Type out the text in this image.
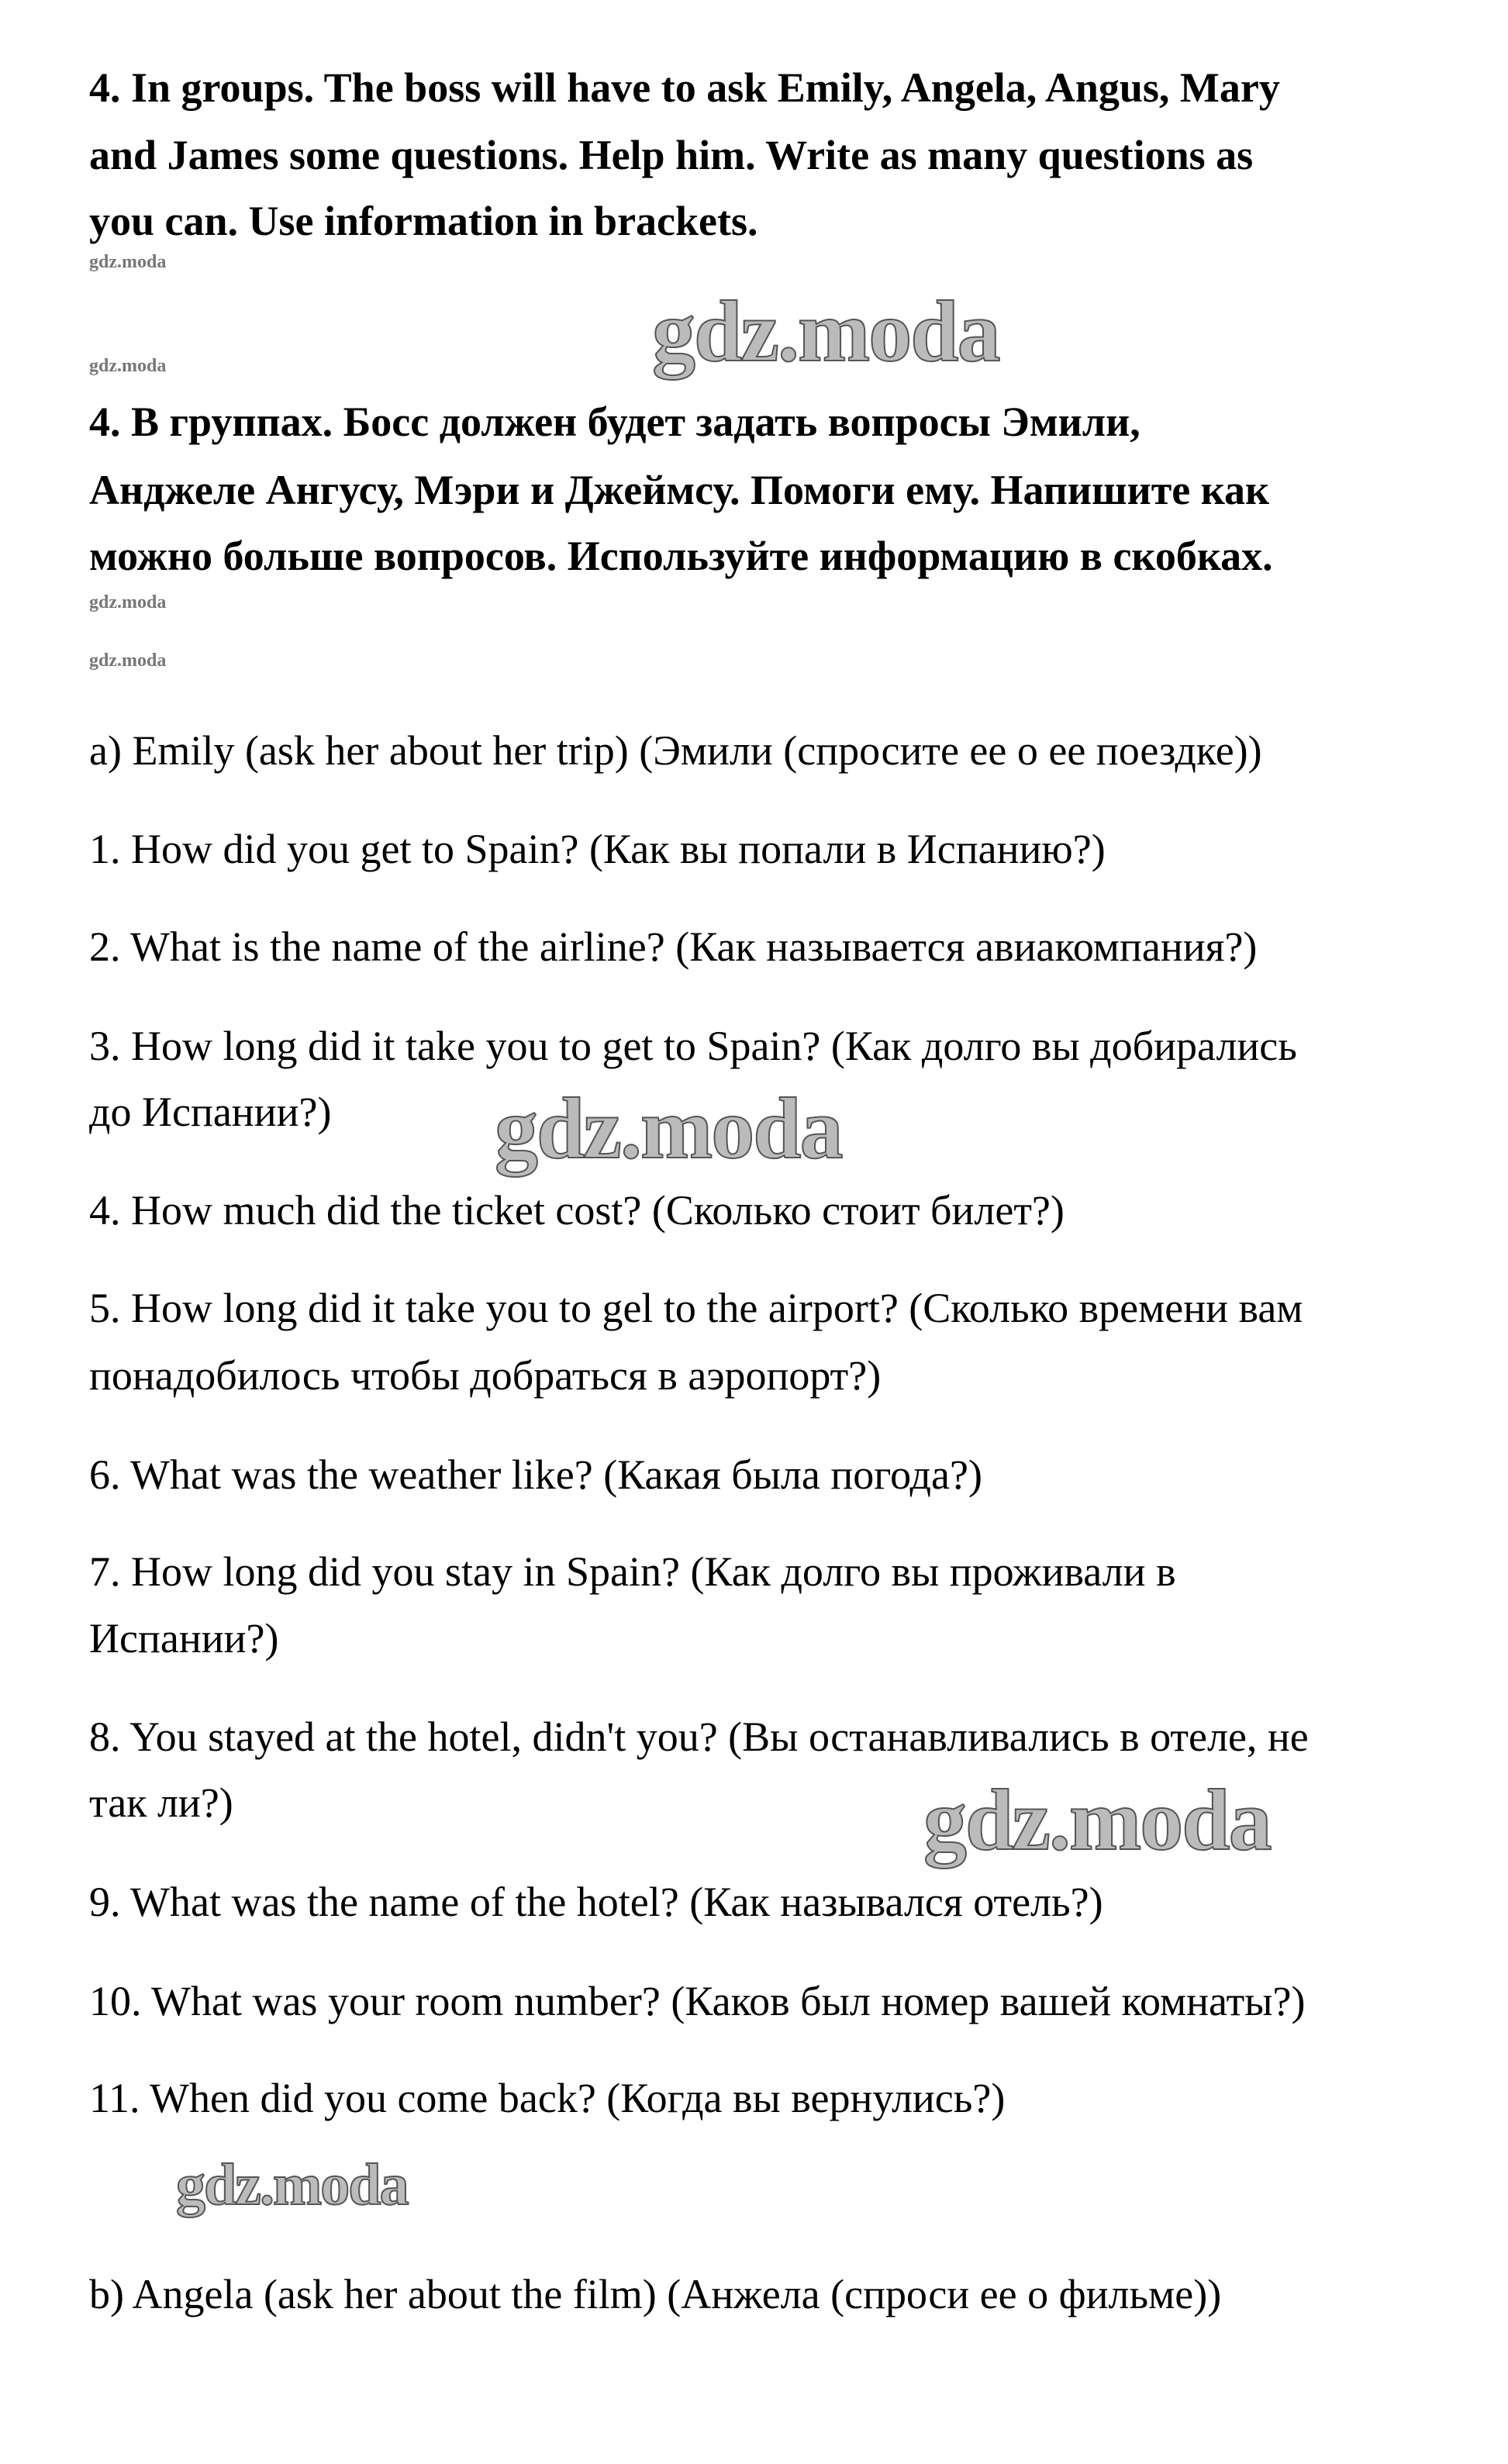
4. In groups. The boss will have to ask Emily, Angela, Angus, Mary
and James some questions. Help him. Write as many questions as
you can. Use information in brackets.
4. В группах. Босс должен будет задать вопросы Эмили,
Анджеле Ангусу, Мэри и Джеймсу. Помоги ему. Напишите как
можно больше вопросов. Используйте информацию в скобках.
a) Emily (ask her about her trip) (Эмили (спросите ее о ее поездке))
1. How did you get to Spain? (Как вы попали в Испанию?)
2. What is the name of the airline? (Как называется авиакомпания?)
3. How long did it take you to get to Spain? (Как долго вы добирались
до Испании?)
4. How much did the ticket cost? (Сколько стоит билет?)
5. How long did it take you to gel to the airport? (Сколько времени вам
понадобилось чтобы добраться в аэропорт?)
6. What was the weather like? (Какая была погода?)
7. How long did you stay in Spain? (Как долго вы проживали в
Испании?)
8. You stayed at the hotel, didn't you? (Вы останавливались в отеле, не
так ли?)
9. What was the name of the hotel? (Как назывался отель?)
10. What was your room number? (Каков был номер вашей комнаты?)
11. When did you come back? (Когда вы вернулись?)
b) Angela (ask her about the film) (Анжела (спроси ее о фильме))
gdz.moda
gdz.moda
gdz.moda
gdz.moda
gdz.moda
gdz.moda
gdz.moda
gdz.moda
